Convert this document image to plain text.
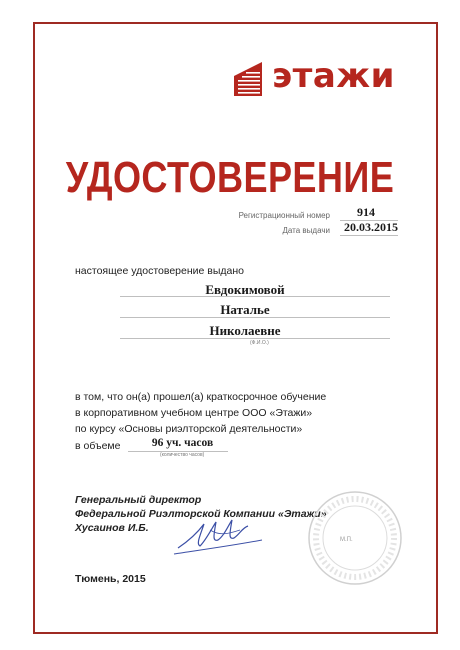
этажи
УДОСТОВЕРЕНИЕ
Регистрационный номер 914
Дата выдачи 20.03.2015
настоящее удостоверение выдано
Евдокимовой
Наталье
Николаевне
(Ф.И.О.)
в том, что он(а) прошел(а) краткосрочное обучение
в корпоративном учебном центре ООО «Этажи»
по курсу «Основы риэлторской деятельности»
в объеме	96 уч. часов
(количество часов)
Генеральный директор
Федеральной Риэлторской Компании «Этажи»
Хусаинов И.Б.
М.П.
Тюмень, 2015
